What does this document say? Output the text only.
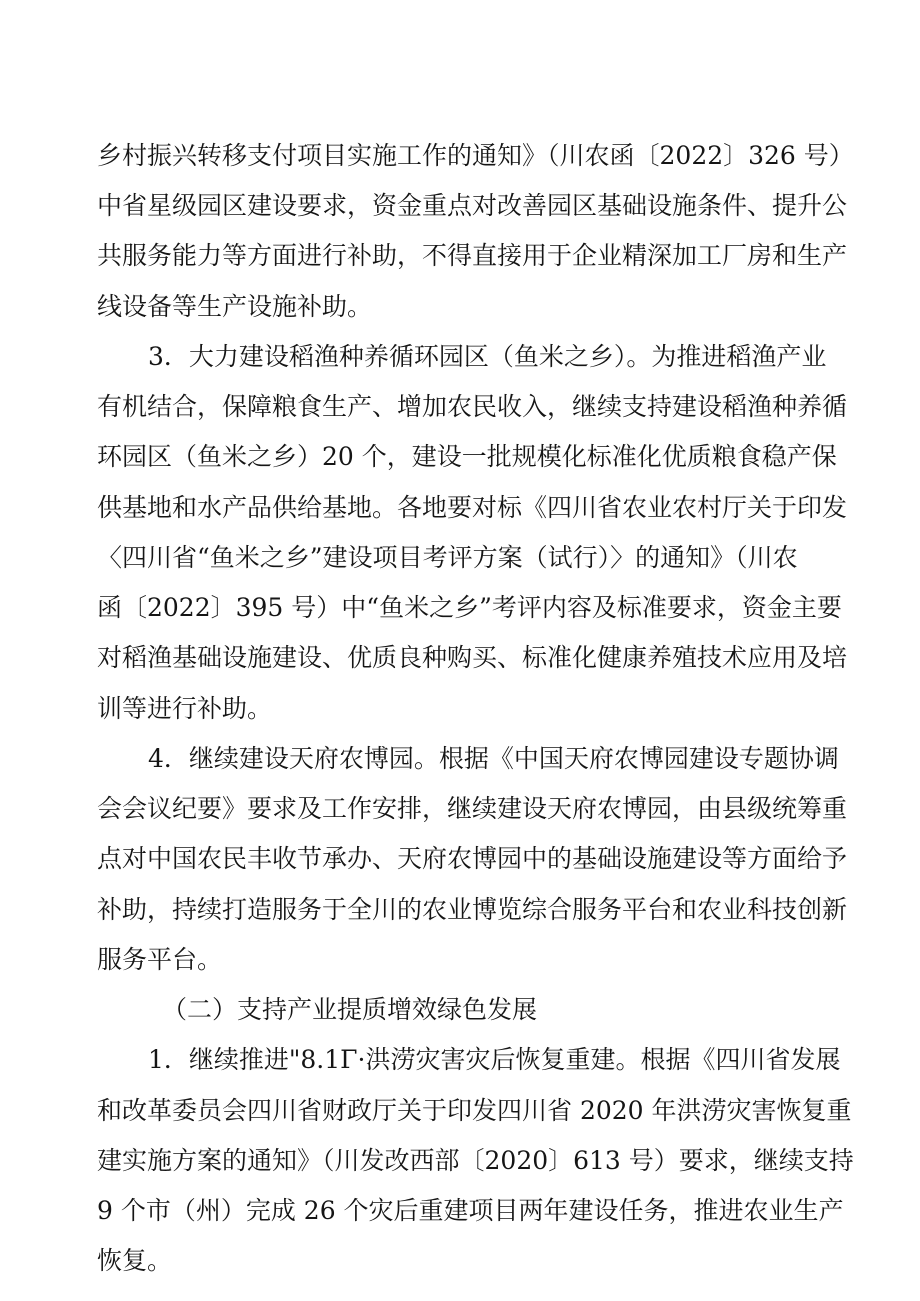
乡村振兴转移支付项目实施工作的通知》（川农函〔2022〕326 号）
中省星级园区建设要求，资金重点对改善园区基础设施条件、提升公
共服务能力等方面进行补助，不得直接用于企业精深加工厂房和生产
线设备等生产设施补助。
3．大力建设稻渔种养循环园区（鱼米之乡）。为推进稻渔产业
有机结合，保障粮食生产、增加农民收入，继续支持建设稻渔种养循
环园区（鱼米之乡）20 个，建设一批规模化标准化优质粮食稳产保
供基地和水产品供给基地。各地要对标《四川省农业农村厅关于印发
〈四川省“鱼米之乡”建设项目考评方案（试行）〉的通知》（川农
函〔2022〕395 号）中“鱼米之乡”考评内容及标准要求，资金主要
对稻渔基础设施建设、优质良种购买、标准化健康养殖技术应用及培
训等进行补助。
4．继续建设天府农博园。根据《中国天府农博园建设专题协调
会会议纪要》要求及工作安排，继续建设天府农博园，由县级统筹重
点对中国农民丰收节承办、天府农博园中的基础设施建设等方面给予
补助，持续打造服务于全川的农业博览综合服务平台和农业科技创新
服务平台。
（二）支持产业提质增效绿色发展
1．继续推进"8.1Γ·洪涝灾害灾后恢复重建。根据《四川省发展
和改革委员会四川省财政厅关于印发四川省 2020 年洪涝灾害恢复重
建实施方案的通知》（川发改西部〔2020〕613 号）要求，继续支持
9 个市（州）完成 26 个灾后重建项目两年建设任务，推进农业生产
恢复。
